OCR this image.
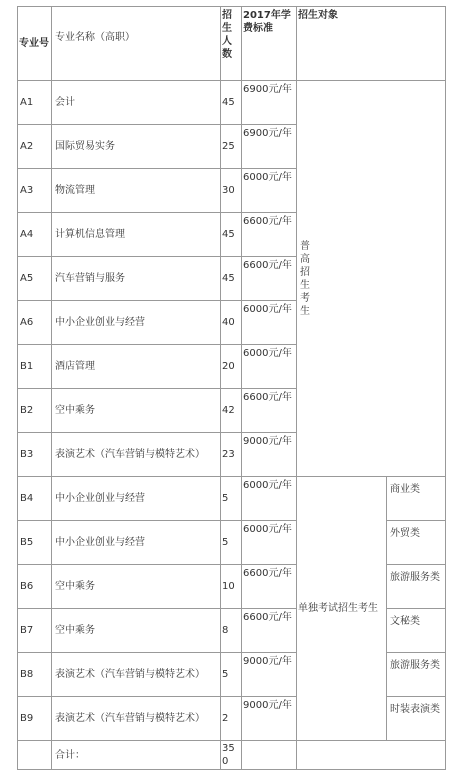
专业号	专业名称（高职）	招生人数	2017年学费标准	招生对象	
A1	会计	45	6900元/年	普高招生考生	

A2	国际贸易实务	25	6900元/年		
A3	物流管理	30	6000元/年		
A4	计算机信息管理	45	6600元/年		
A5	汽车营销与服务	45	6600元/年		
A6	中小企业创业与经营	40	6000元/年		
B1	酒店管理	20	6000元/年		
B2	空中乘务	42	6600元/年		
B3	表演艺术（汽车营销与模特艺术）	23	9000元/年		
B4	中小企业创业与经营	5	6000元/年	单独考试招生考生	商业类
B5	中小企业创业与经营	5	6000元/年		外贸类
B6	空中乘务	10	6600元/年		旅游服务类
B7	空中乘务	8	6600元/年		文秘类
B8	表演艺术（汽车营销与模特艺术）	5	9000元/年		旅游服务类
B9	表演艺术（汽车营销与模特艺术）	2	9000元/年		时装表演类
	合计：	350			
